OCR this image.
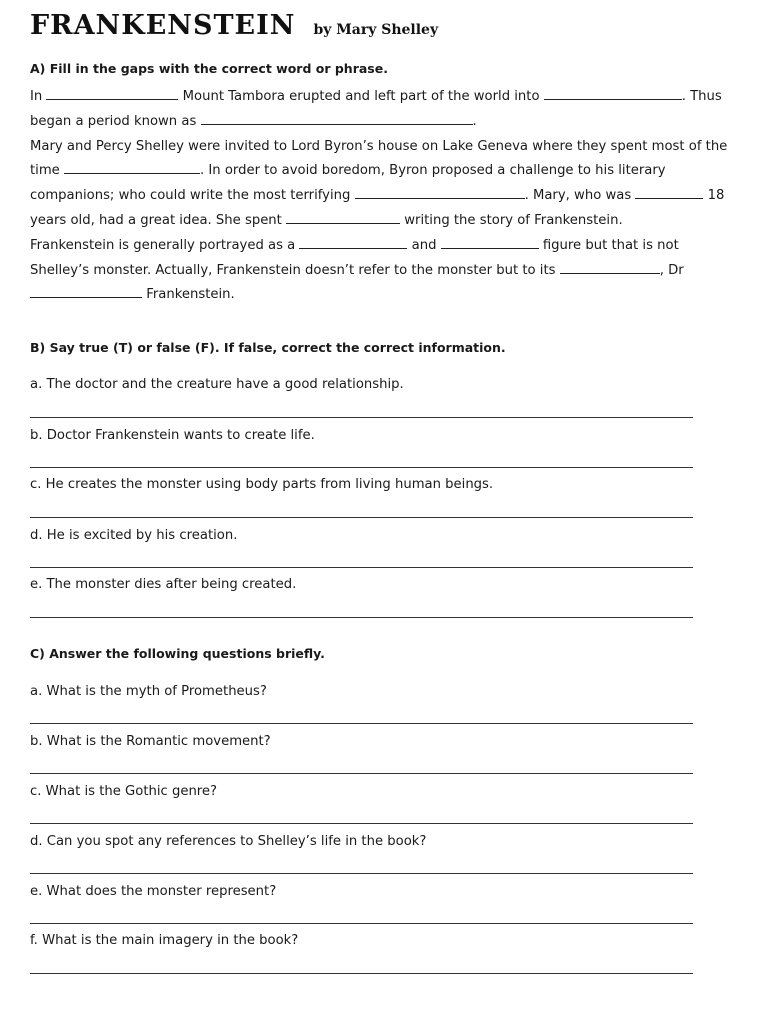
FRANKENSTEIN by Mary Shelley
A) Fill in the gaps with the correct word or phrase.

In	Mount Tambora erupted and left part of the world into	. Thus began a period known as	.

Mary and Percy Shelley were invited to Lord Byron’s house on Lake Geneva where they spent most of the time	. In order to avoid boredom, Byron proposed a challenge to his literary companions; who could write the most terrifying	. Mary, who was	18 years old, had a great idea. She spent	writing the story of Frankenstein.

Frankenstein is generally portrayed as a	and	figure but that is not Shelley’s monster. Actually, Frankenstein doesn’t refer to the monster but to its	, Dr  Frankenstein.

B) Say true (T) or false (F). If false, correct the correct information.
a. The doctor and the creature have a good relationship.
b. Doctor Frankenstein wants to create life.
c. He creates the monster using body parts from living human beings.
d. He is excited by his creation.
e. The monster dies after being created.
C) Answer the following questions briefly.
a. What is the myth of Prometheus?
b. What is the Romantic movement?
c. What is the Gothic genre?
d. Can you spot any references to Shelley’s life in the book?
e. What does the monster represent?
f. What is the main imagery in the book?
